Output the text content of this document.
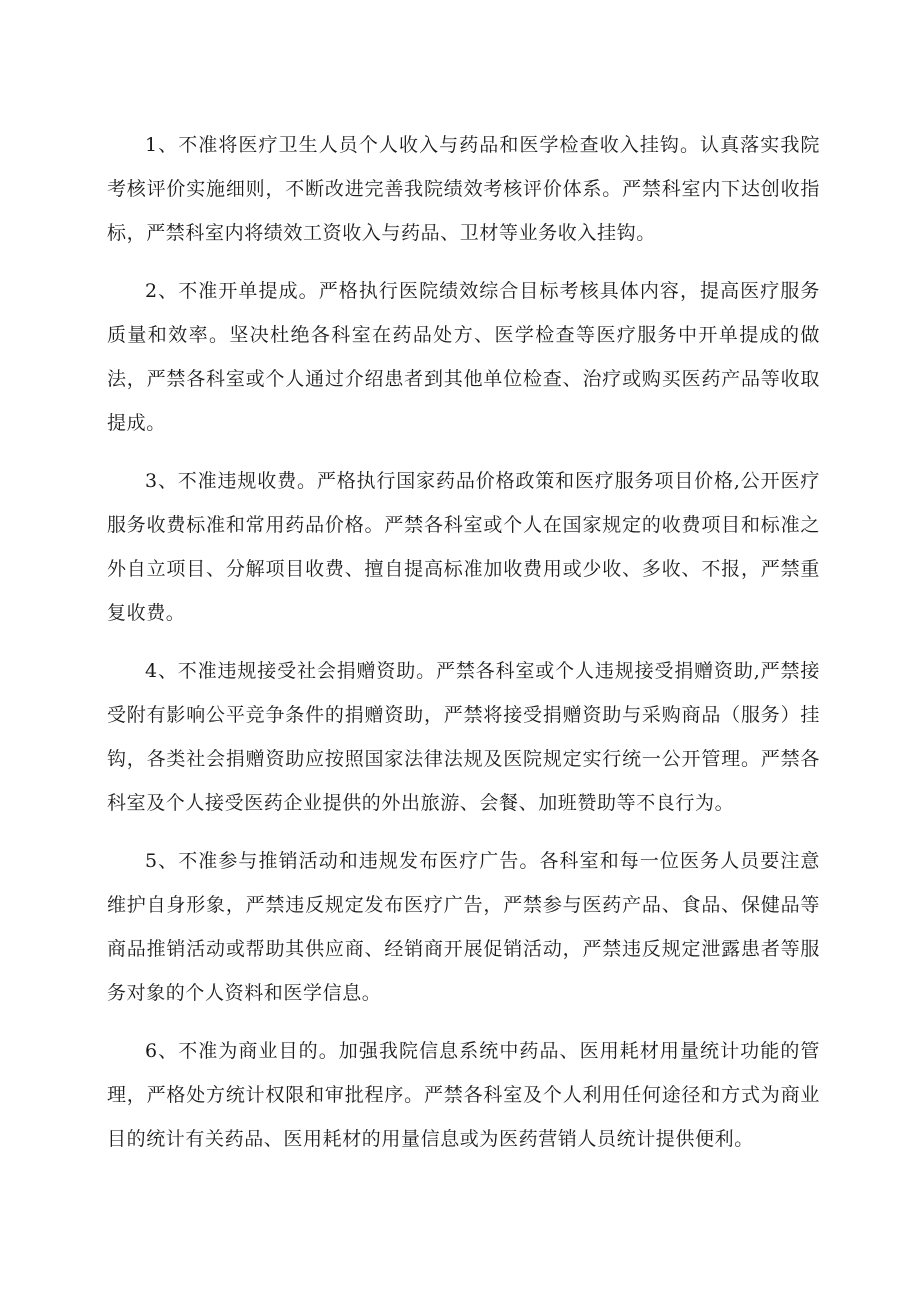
1、不准将医疗卫生人员个人收入与药品和医学检查收入挂钩。认真落实我院考核评价实施细则，不断改进完善我院绩效考核评价体系。严禁科室内下达创收指标，严禁科室内将绩效工资收入与药品、卫材等业务收入挂钩。

2、不准开单提成。严格执行医院绩效综合目标考核具体内容，提高医疗服务质量和效率。坚决杜绝各科室在药品处方、医学检查等医疗服务中开单提成的做法，严禁各科室或个人通过介绍患者到其他单位检查、治疗或购买医药产品等收取提成。

3、不准违规收费。严格执行国家药品价格政策和医疗服务项目价格,公开医疗服务收费标准和常用药品价格。严禁各科室或个人在国家规定的收费项目和标准之外自立项目、分解项目收费、擅自提高标准加收费用或少收、多收、不报，严禁重复收费。

4、不准违规接受社会捐赠资助。严禁各科室或个人违规接受捐赠资助,严禁接受附有影响公平竞争条件的捐赠资助，严禁将接受捐赠资助与采购商品（服务）挂钩，各类社会捐赠资助应按照国家法律法规及医院规定实行统一公开管理。严禁各科室及个人接受医药企业提供的外出旅游、会餐、加班赞助等不良行为。

5、不准参与推销活动和违规发布医疗广告。各科室和每一位医务人员要注意维护自身形象，严禁违反规定发布医疗广告，严禁参与医药产品、食品、保健品等商品推销活动或帮助其供应商、经销商开展促销活动，严禁违反规定泄露患者等服务对象的个人资料和医学信息。

6、不准为商业目的。加强我院信息系统中药品、医用耗材用量统计功能的管理，严格处方统计权限和审批程序。严禁各科室及个人利用任何途径和方式为商业目的统计有关药品、医用耗材的用量信息或为医药营销人员统计提供便利。
